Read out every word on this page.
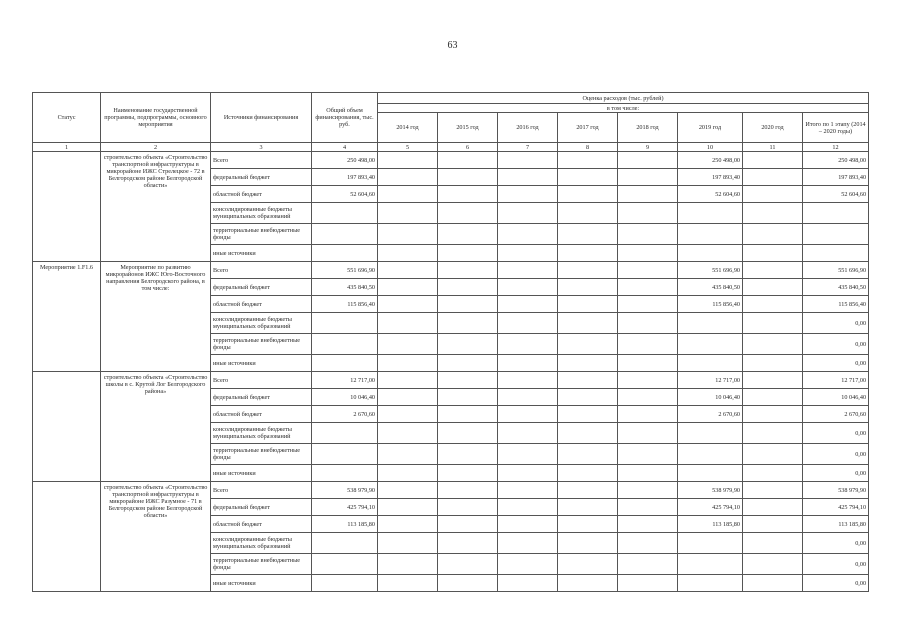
63
Статус	Наименование государственной программы, подпрограммы, основного мероприятия	Источники финансирования	Общий объем финансирования, тыс. руб.	Оценка расходов (тыс. рублей)							
				в том числе:							
				2014 год	2015 год	2016 год	2017 год	2018 год	2019 год	2020 год	Итого по 1 этапу (2014 – 2020 годы)
1	2	3	4	5	6	7	8	9	10	11	12
	строительство объекта «Строительство транспортной инфраструктуры в микрорайоне ИЖС Стрелецкое - 72 в Белгородском районе Белгородской области»	Всего	250 498,00						250 498,00		250 498,00
		федеральный бюджет	197 893,40						197 893,40		197 893,40
		областной бюджет	52 604,60						52 604,60		52 604,60
		консолидированные бюджеты муниципальных образований									
		территориальные внебюджетные фонды									
		иные источники									
Мероприятие 1.F1.6	Мероприятие по развитию микрорайонов ИЖС Юго-Восточного направления Белгородского района, в том числе:	Всего	551 696,90						551 696,90		551 696,90
		федеральный бюджет	435 840,50						435 840,50		435 840,50
		областной бюджет	115 856,40						115 856,40		115 856,40
		консолидированные бюджеты муниципальных образований									0,00
		территориальные внебюджетные фонды									0,00
		иные источники									0,00
	строительство объекта «Строительство школы в с. Крутой Лог Белгородского района»	Всего	12 717,00						12 717,00		12 717,00
		федеральный бюджет	10 046,40						10 046,40		10 046,40
		областной бюджет	2 670,60						2 670,60		2 670,60
		консолидированные бюджеты муниципальных образований									0,00
		территориальные внебюджетные фонды									0,00
		иные источники									0,00
	строительство объекта «Строительство транспортной инфраструктуры в микрорайоне ИЖС Разумное - 71 в Белгородском районе Белгородской области»	Всего	538 979,90						538 979,90		538 979,90
		федеральный бюджет	425 794,10						425 794,10		425 794,10
		областной бюджет	113 185,80						113 185,80		113 185,80
		консолидированные бюджеты муниципальных образований									0,00
		территориальные внебюджетные фонды									0,00
		иные источники									0,00
